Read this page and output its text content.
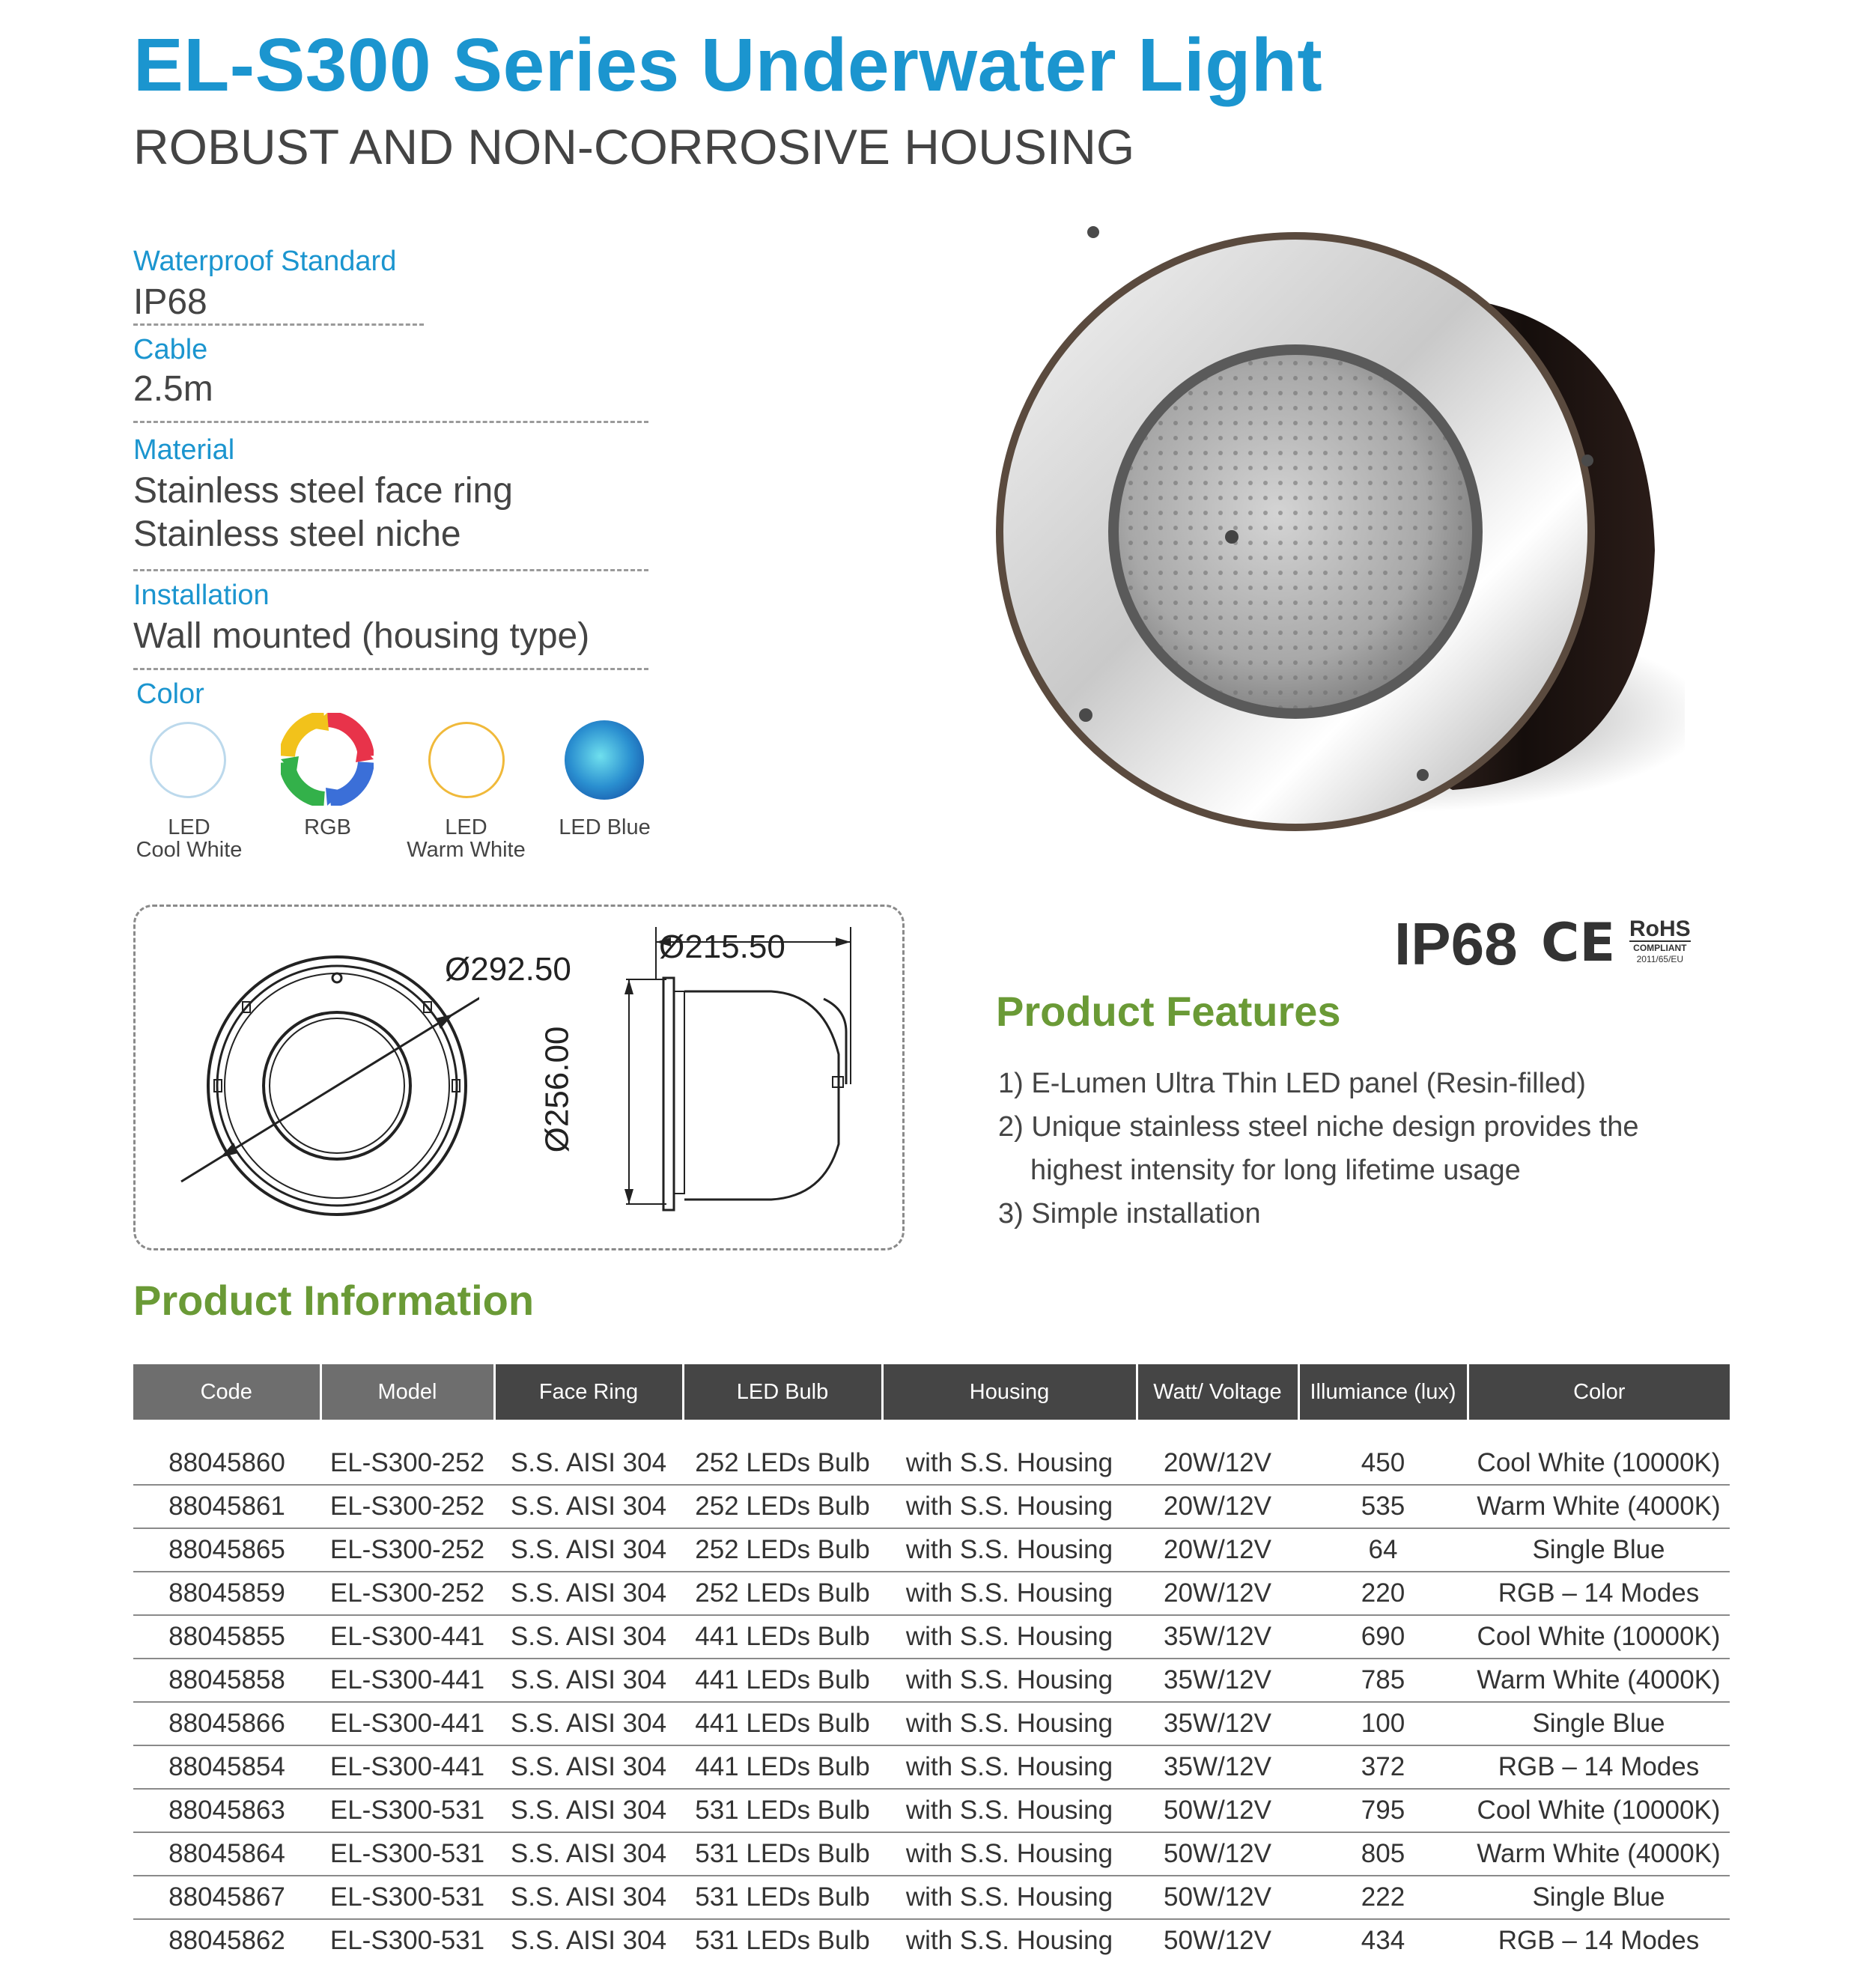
EL-S300 Series Underwater Light
ROBUST AND NON-CORROSIVE HOUSING
Waterproof Standard
IP68
Cable
2.5m
Material
Stainless steel face ring
Stainless steel niche
Installation
Wall mounted (housing type)
Color
LED
Cool White
RGB	LED
Warm White
LED Blue
IP68 CE RoHS
COMPLIANT
2011/65/EU
Ø292.50
Ø215.50
Ø256.00
Product Features
1) E-Lumen Ultra Thin LED panel (Resin-filled)
2) Unique stainless steel niche design provides the
highest intensity for long lifetime usage
3) Simple installation
Product Information
Code	Model	Face Ring	LED Bulb	Housing	Watt/ Voltage	Illumiance (lux)	Color

88045860	EL-S300-252	S.S. AISI 304	252 LEDs Bulb	with S.S. Housing	20W/12V	450	Cool White (10000K)
88045861	EL-S300-252	S.S. AISI 304	252 LEDs Bulb	with S.S. Housing	20W/12V	535	Warm White (4000K)
88045865	EL-S300-252	S.S. AISI 304	252 LEDs Bulb	with S.S. Housing	20W/12V	64	Single Blue
88045859	EL-S300-252	S.S. AISI 304	252 LEDs Bulb	with S.S. Housing	20W/12V	220	RGB – 14 Modes
88045855	EL-S300-441	S.S. AISI 304	441 LEDs Bulb	with S.S. Housing	35W/12V	690	Cool White (10000K)
88045858	EL-S300-441	S.S. AISI 304	441 LEDs Bulb	with S.S. Housing	35W/12V	785	Warm White (4000K)
88045866	EL-S300-441	S.S. AISI 304	441 LEDs Bulb	with S.S. Housing	35W/12V	100	Single Blue
88045854	EL-S300-441	S.S. AISI 304	441 LEDs Bulb	with S.S. Housing	35W/12V	372	RGB – 14 Modes
88045863	EL-S300-531	S.S. AISI 304	531 LEDs Bulb	with S.S. Housing	50W/12V	795	Cool White (10000K)
88045864	EL-S300-531	S.S. AISI 304	531 LEDs Bulb	with S.S. Housing	50W/12V	805	Warm White (4000K)
88045867	EL-S300-531	S.S. AISI 304	531 LEDs Bulb	with S.S. Housing	50W/12V	222	Single Blue
88045862	EL-S300-531	S.S. AISI 304	531 LEDs Bulb	with S.S. Housing	50W/12V	434	RGB – 14 Modes
